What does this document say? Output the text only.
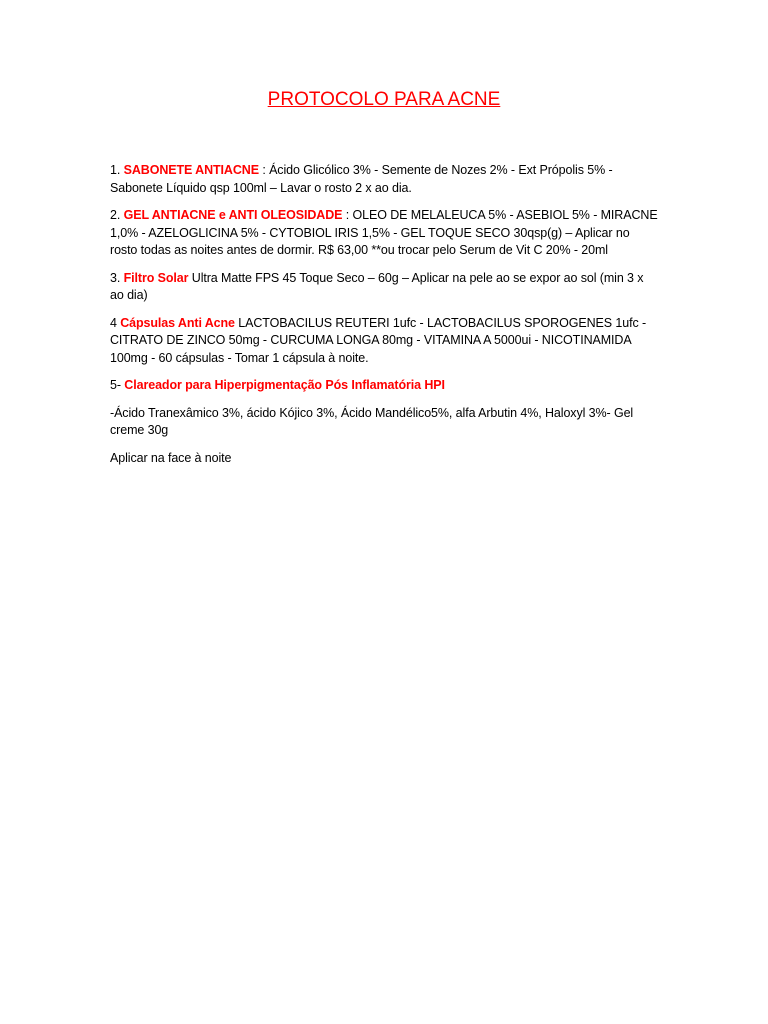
PROTOCOLO PARA ACNE

1. SABONETE ANTIACNE : Ácido Glicólico 3% - Semente de Nozes 2% - Ext Própolis 5% - Sabonete Líquido qsp 100ml – Lavar o rosto 2 x ao dia.

2. GEL ANTIACNE e ANTI OLEOSIDADE : OLEO DE MELALEUCA 5% - ASEBIOL 5% - MIRACNE 1,0% - AZELOGLICINA 5% - CYTOBIOL IRIS 1,5% - GEL TOQUE SECO 30qsp(g) – Aplicar no rosto todas as noites antes de dormir. R$ 63,00 **ou trocar pelo Serum de Vit C 20% - 20ml

3. Filtro Solar Ultra Matte FPS 45 Toque Seco – 60g – Aplicar na pele ao se expor ao sol (min 3 x ao dia)

4 Cápsulas Anti Acne LACTOBACILUS REUTERI 1ufc - LACTOBACILUS SPOROGENES 1ufc - CITRATO DE ZINCO 50mg - CURCUMA LONGA 80mg - VITAMINA A 5000ui - NICOTINAMIDA 100mg - 60 cápsulas - Tomar 1 cápsula à noite.

5- Clareador para Hiperpigmentação Pós Inflamatória HPI

-Ácido Tranexâmico 3%, ácido Kójico 3%, Ácido Mandélico5%, alfa Arbutin 4%, Haloxyl 3%- Gel creme 30g

Aplicar na face à noite
